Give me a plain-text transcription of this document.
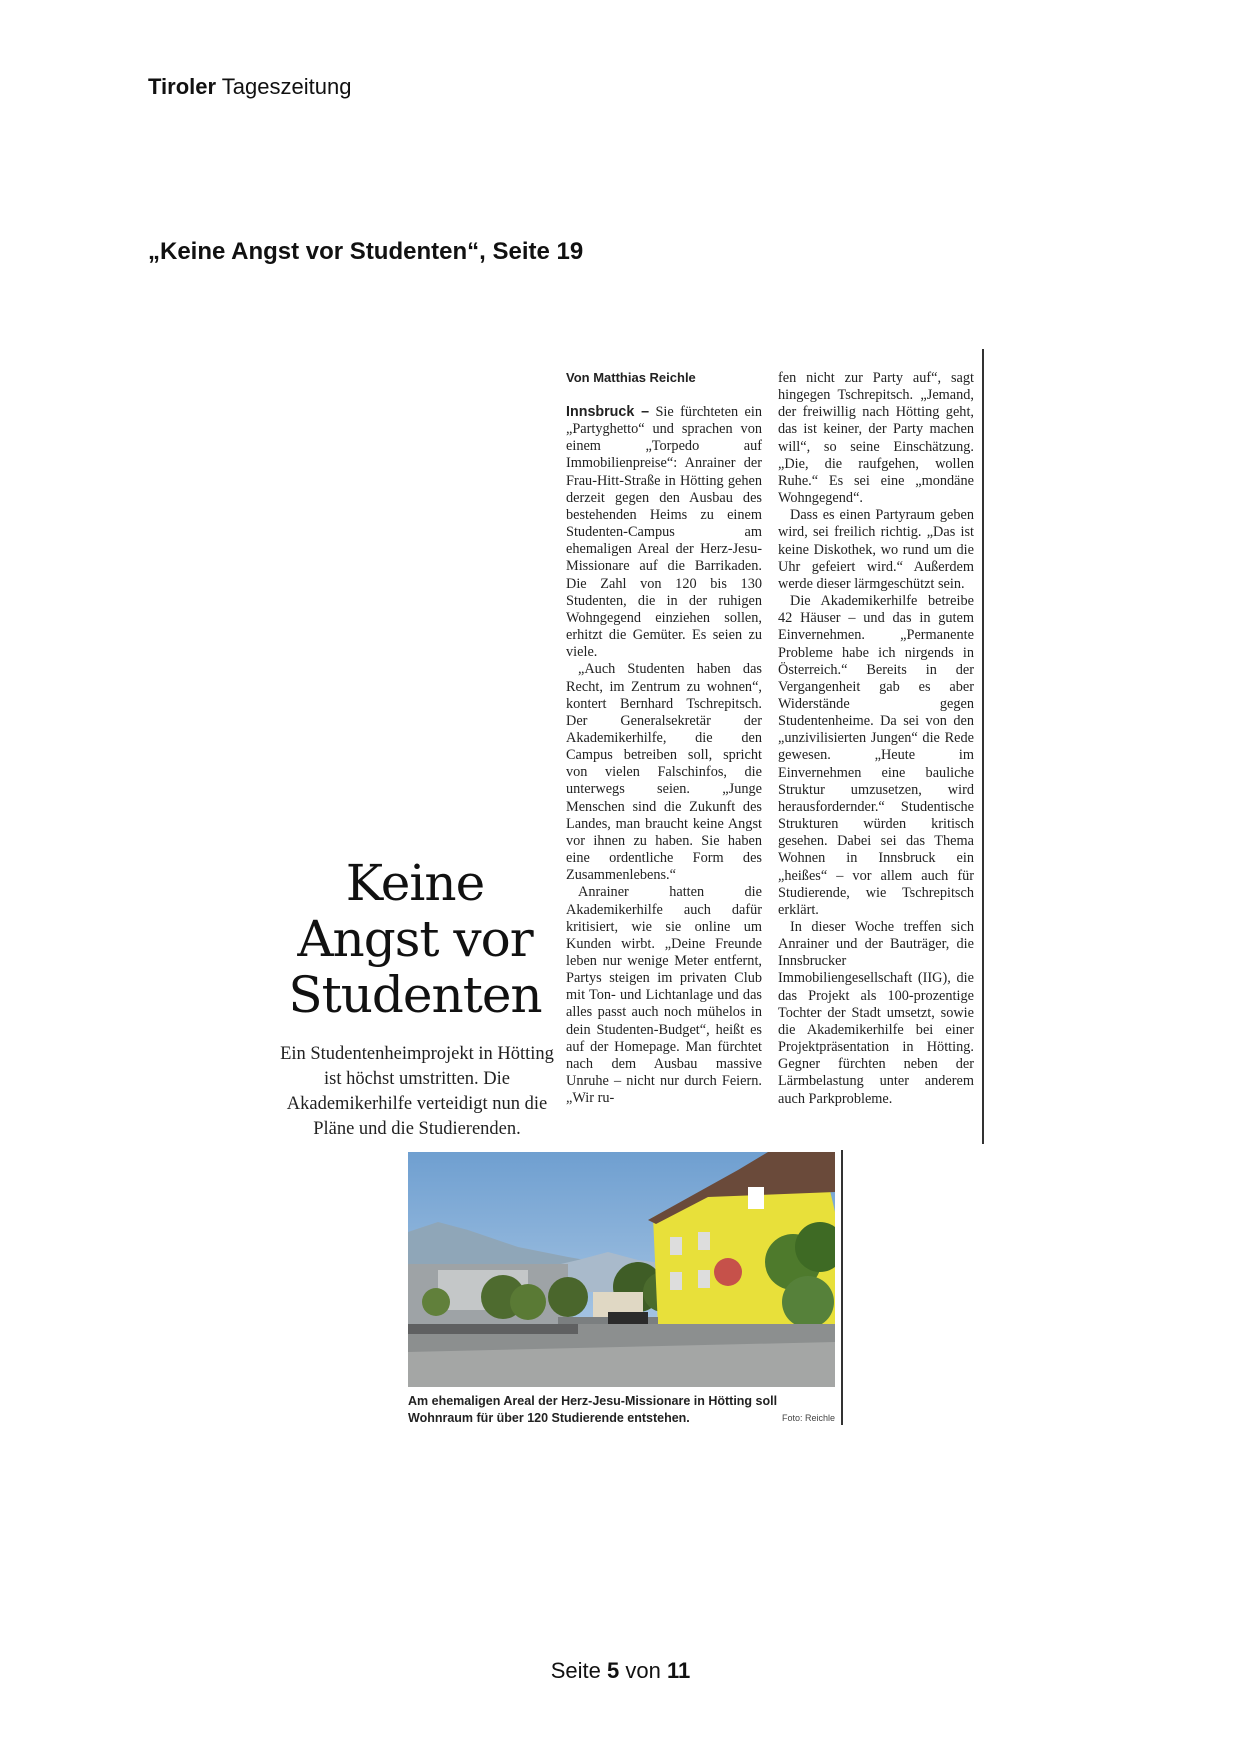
Tiroler Tageszeitung
„Keine Angst vor Studenten“, Seite 19
Keine
Angst vor
Studenten
Ein Studentenheimprojekt in Hötting ist höchst umstritten. Die Akademikerhilfe verteidigt nun die Pläne und die Studierenden.
Von Matthias Reichle

Innsbruck – Sie fürchteten ein „Partyghetto“ und sprachen von einem „Torpedo auf Immobilienpreise“: Anrainer der Frau-Hitt-Straße in Hötting gehen derzeit gegen den Ausbau des bestehenden Heims zu einem Studenten-Campus am ehemaligen Areal der Herz-Jesu-Missionare auf die Barrikaden. Die Zahl von 120 bis 130 Studenten, die in der ruhigen Wohngegend einziehen sollen, erhitzt die Gemüter. Es seien zu viele.

„Auch Studenten haben das Recht, im Zentrum zu wohnen“, kontert Bernhard Tschrepitsch. Der Generalsekretär der Akademikerhilfe, die den Campus betreiben soll, spricht von vielen Falschinfos, die unterwegs seien. „Junge Menschen sind die Zukunft des Landes, man braucht keine Angst vor ihnen zu haben. Sie haben eine ordentliche Form des Zusammenlebens.“

Anrainer hatten die Akademikerhilfe auch dafür kritisiert, wie sie online um Kunden wirbt. „Deine Freunde leben nur wenige Meter entfernt, Partys steigen im privaten Club mit Ton- und Lichtanlage und das alles passt auch noch mühelos in dein Studenten-Budget“, heißt es auf der Homepage. Man fürchtet nach dem Ausbau massive Unruhe – nicht nur durch Feiern. „Wir ru-

fen nicht zur Party auf“, sagt hingegen Tschrepitsch. „Jemand, der freiwillig nach Hötting geht, das ist keiner, der Party machen will“, so seine Einschätzung. „Die, die raufgehen, wollen Ruhe.“ Es sei eine „mondäne Wohngegend“.

Dass es einen Partyraum geben wird, sei freilich richtig. „Das ist keine Diskothek, wo rund um die Uhr gefeiert wird.“ Außerdem werde dieser lärmgeschützt sein.

Die Akademikerhilfe betreibe 42 Häuser – und das in gutem Einvernehmen. „Permanente Probleme habe ich nirgends in Österreich.“ Bereits in der Vergangenheit gab es aber Widerstände gegen Studentenheime. Da sei von den „unzivilisierten Jungen“ die Rede gewesen. „Heute im Einvernehmen eine bauliche Struktur umzusetzen, wird herausfordernder.“ Studentische Strukturen würden kritisch gesehen. Dabei sei das Thema Wohnen in Innsbruck ein „heißes“ – vor allem auch für Studierende, wie Tschrepitsch erklärt.

In dieser Woche treffen sich Anrainer und der Bauträger, die Innsbrucker Immobiliengesellschaft (IIG), die das Projekt als 100-prozentige Tochter der Stadt umsetzt, sowie die Akademikerhilfe bei einer Projektpräsentation in Hötting. Gegner fürchten neben der Lärmbelastung unter anderem auch Parkprobleme.

Am ehemaligen Areal der Herz-Jesu-Missionare in Hötting soll Wohnraum für über 120 Studierende entstehen.	Foto: Reichle
Seite 5 von 11
